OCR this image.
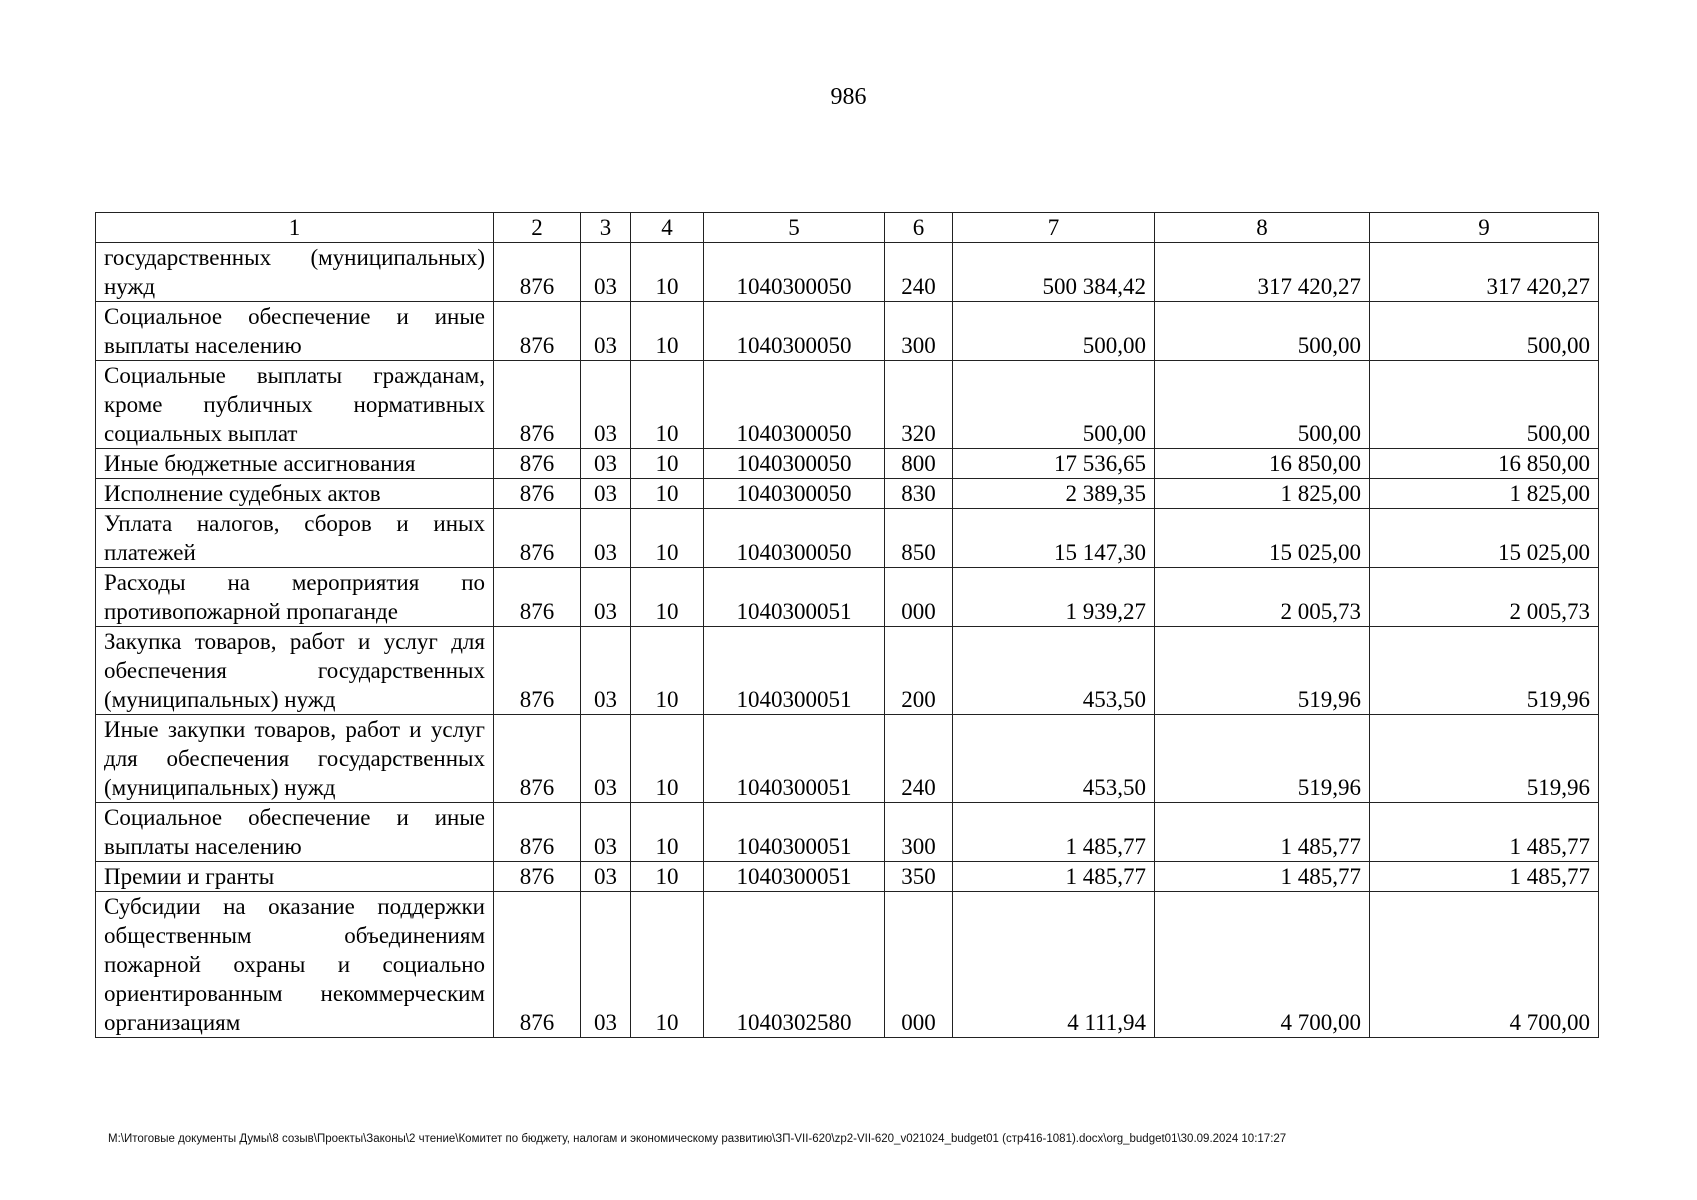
986
1	2	3	4	5	6	7	8	9
государственных (муниципальных) нужд	876	03	10	1040300050	240	500 384,42	317 420,27	317 420,27
Социальное обеспечение и иные выплаты населению	876	03	10	1040300050	300	500,00	500,00	500,00
Социальные выплаты гражданам, кроме публичных нормативных социальных выплат	876	03	10	1040300050	320	500,00	500,00	500,00
Иные бюджетные ассигнования	876	03	10	1040300050	800	17 536,65	16 850,00	16 850,00
Исполнение судебных актов	876	03	10	1040300050	830	2 389,35	1 825,00	1 825,00
Уплата налогов, сборов и иных платежей	876	03	10	1040300050	850	15 147,30	15 025,00	15 025,00
Расходы на мероприятия по противопожарной пропаганде	876	03	10	1040300051	000	1 939,27	2 005,73	2 005,73
Закупка товаров, работ и услуг для обеспечения государственных (муниципальных) нужд	876	03	10	1040300051	200	453,50	519,96	519,96
Иные закупки товаров, работ и услуг для обеспечения государственных (муниципальных) нужд	876	03	10	1040300051	240	453,50	519,96	519,96
Социальное обеспечение и иные выплаты населению	876	03	10	1040300051	300	1 485,77	1 485,77	1 485,77
Премии и гранты	876	03	10	1040300051	350	1 485,77	1 485,77	1 485,77
Субсидии на оказание поддержки общественным объединениям пожарной охраны и социально ориентированным некоммерческим организациям	876	03	10	1040302580	000	4 111,94	4 700,00	4 700,00
М:\Итоговые документы Думы\8 созыв\Проекты\Законы\2 чтение\Комитет по бюджету, налогам и экономическому развитию\ЗП-VII-620\zp2-VII-620_v021024_budget01 (стр416-1081).docx\org_budget01\30.09.2024 10:17:27
